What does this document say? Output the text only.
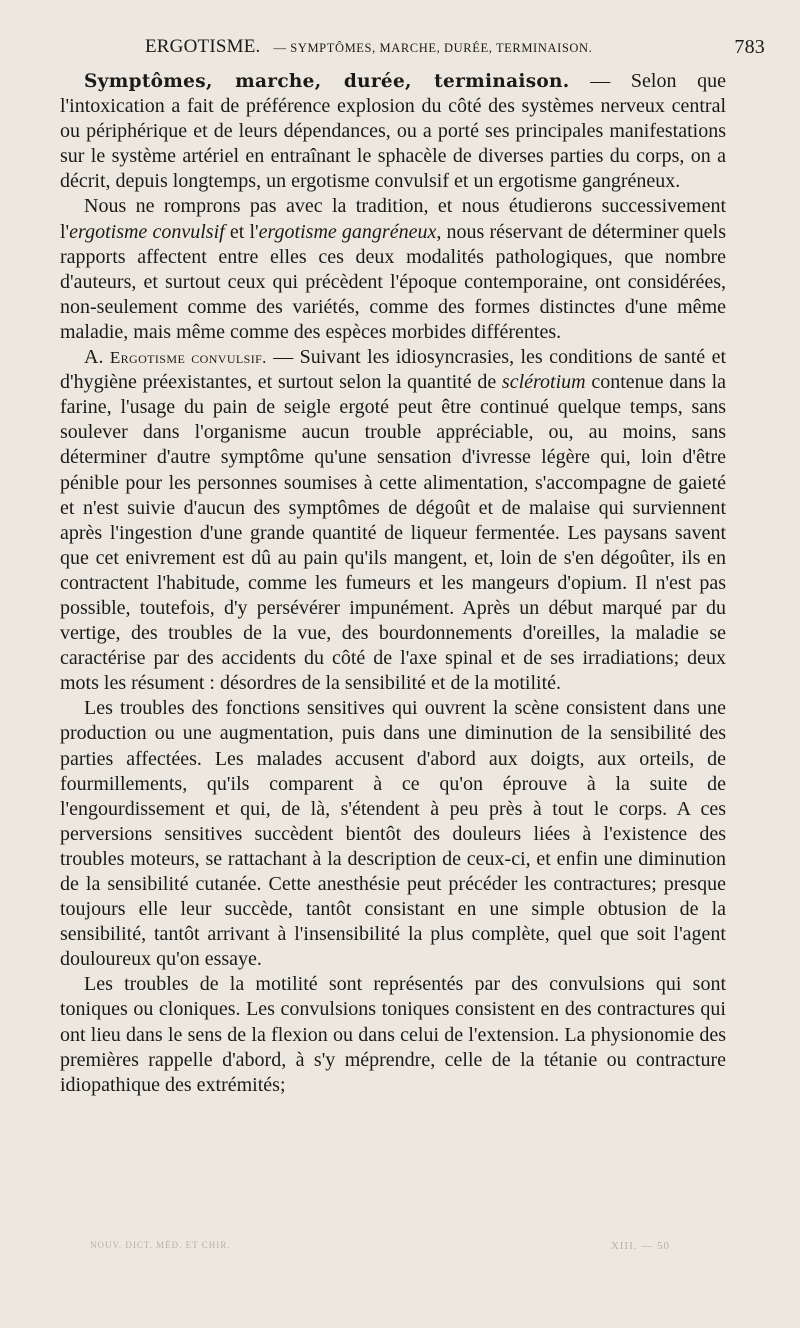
ERGOTISME. — SYMPTÔMES, MARCHE, DURÉE, TERMINAISON.	783

Symptômes, marche, durée, terminaison. — Selon que l'intoxication a fait de préférence explosion du côté des systèmes nerveux central ou périphérique et de leurs dépendances, ou a porté ses principales manifestations sur le système artériel en entraînant le sphacèle de diverses parties du corps, on a décrit, depuis longtemps, un ergotisme convulsif et un ergotisme gangréneux.

Nous ne romprons pas avec la tradition, et nous étudierons successivement l'ergotisme convulsif et l'ergotisme gangréneux, nous réservant de déterminer quels rapports affectent entre elles ces deux modalités pathologiques, que nombre d'auteurs, et surtout ceux qui précèdent l'époque contemporaine, ont considérées, non-seulement comme des variétés, comme des formes distinctes d'une même maladie, mais même comme des espèces morbides différentes.

A. Ergotisme convulsif. — Suivant les idiosyncrasies, les conditions de santé et d'hygiène préexistantes, et surtout selon la quantité de sclérotium contenue dans la farine, l'usage du pain de seigle ergoté peut être continué quelque temps, sans soulever dans l'organisme aucun trouble appréciable, ou, au moins, sans déterminer d'autre symptôme qu'une sensation d'ivresse légère qui, loin d'être pénible pour les personnes soumises à cette alimentation, s'accompagne de gaieté et n'est suivie d'aucun des symptômes de dégoût et de malaise qui surviennent après l'ingestion d'une grande quantité de liqueur fermentée. Les paysans savent que cet enivrement est dû au pain qu'ils mangent, et, loin de s'en dégoûter, ils en contractent l'habitude, comme les fumeurs et les mangeurs d'opium. Il n'est pas possible, toutefois, d'y persévérer impunément. Après un début marqué par du vertige, des troubles de la vue, des bourdonnements d'oreilles, la maladie se caractérise par des accidents du côté de l'axe spinal et de ses irradiations; deux mots les résument : désordres de la sensibilité et de la motilité.

Les troubles des fonctions sensitives qui ouvrent la scène consistent dans une production ou une augmentation, puis dans une diminution de la sensibilité des parties affectées. Les malades accusent d'abord aux doigts, aux orteils, de fourmillements, qu'ils comparent à ce qu'on éprouve à la suite de l'engourdissement et qui, de là, s'étendent à peu près à tout le corps. A ces perversions sensitives succèdent bientôt des douleurs liées à l'existence des troubles moteurs, se rattachant à la description de ceux-ci, et enfin une diminution de la sensibilité cutanée. Cette anesthésie peut précéder les contractures; presque toujours elle leur succède, tantôt consistant en une simple obtusion de la sensibilité, tantôt arrivant à l'insensibilité la plus complète, quel que soit l'agent douloureux qu'on essaye.

Les troubles de la motilité sont représentés par des convulsions qui sont toniques ou cloniques. Les convulsions toniques consistent en des contractures qui ont lieu dans le sens de la flexion ou dans celui de l'extension. La physionomie des premières rappelle d'abord, à s'y méprendre, celle de la tétanie ou contracture idiopathique des extrémités;

NOUV. DICT. MÉD. ET CHIR.	XIII. — 50
